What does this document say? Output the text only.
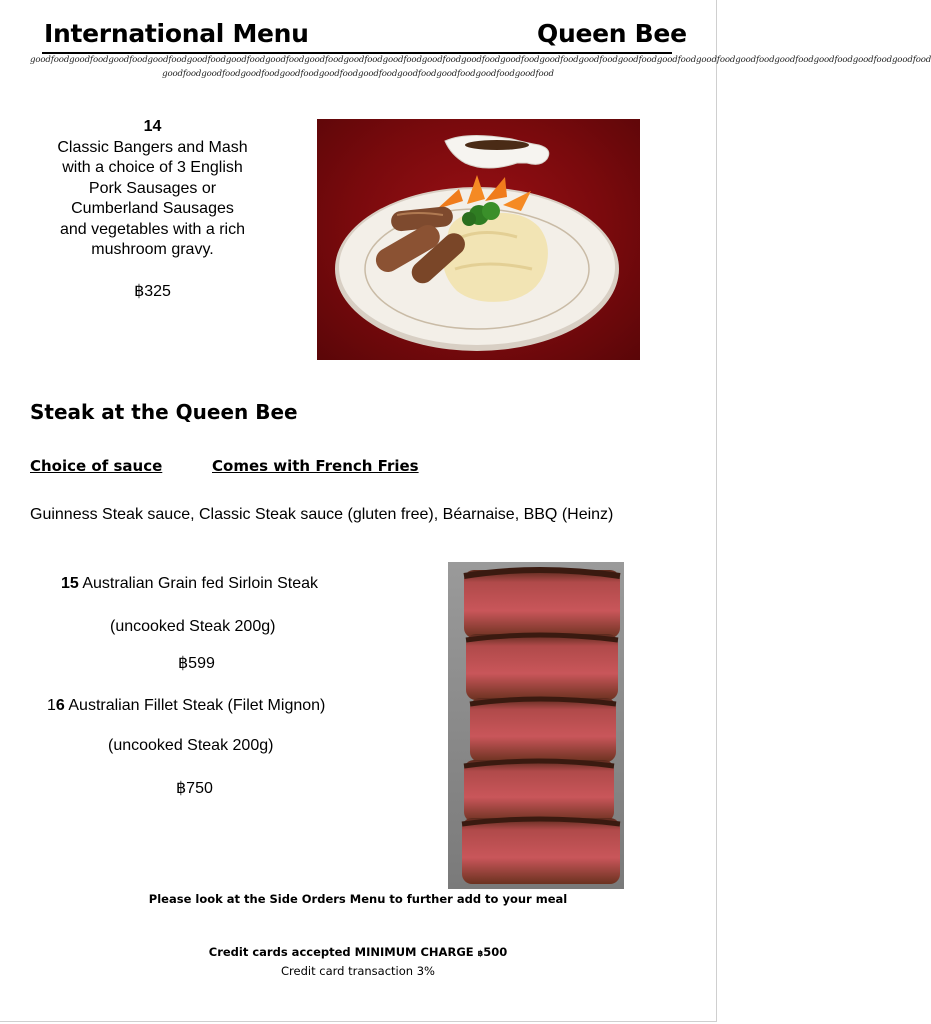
International Menu	Queen Bee
goodfoodgoodfoodgoodfoodgoodfoodgoodfoodgoodfoodgoodfoodgoodfoodgoodfoodgoodfoodgoodfoodgoodfoodgoodfoodgoodfoodgoodfoodgoodfoodgoodfoodgoodfoodgoodfoodgoodfoodgoodfoodgoodfoodgoodfood
goodfoodgoodfoodgoodfoodgoodfoodgoodfoodgoodfoodgoodfoodgoodfoodgoodfoodgoodfood
14
Classic Bangers and Mash
with a choice of 3 English
Pork Sausages or
Cumberland Sausages
and vegetables with a rich
mushroom gravy.
฿325
Steak at the Queen Bee
Choice of sauce	Comes with French Fries
Guinness Steak sauce, Classic Steak sauce (gluten free), Béarnaise, BBQ (Heinz)
15 Australian Grain fed Sirloin Steak
(uncooked Steak 200g)
฿599
16 Australian Fillet Steak (Filet Mignon)
(uncooked Steak 200g)
฿750
Please look at the Side Orders Menu to further add to your meal
Credit cards accepted MINIMUM CHARGE ฿500
Credit card transaction 3%
